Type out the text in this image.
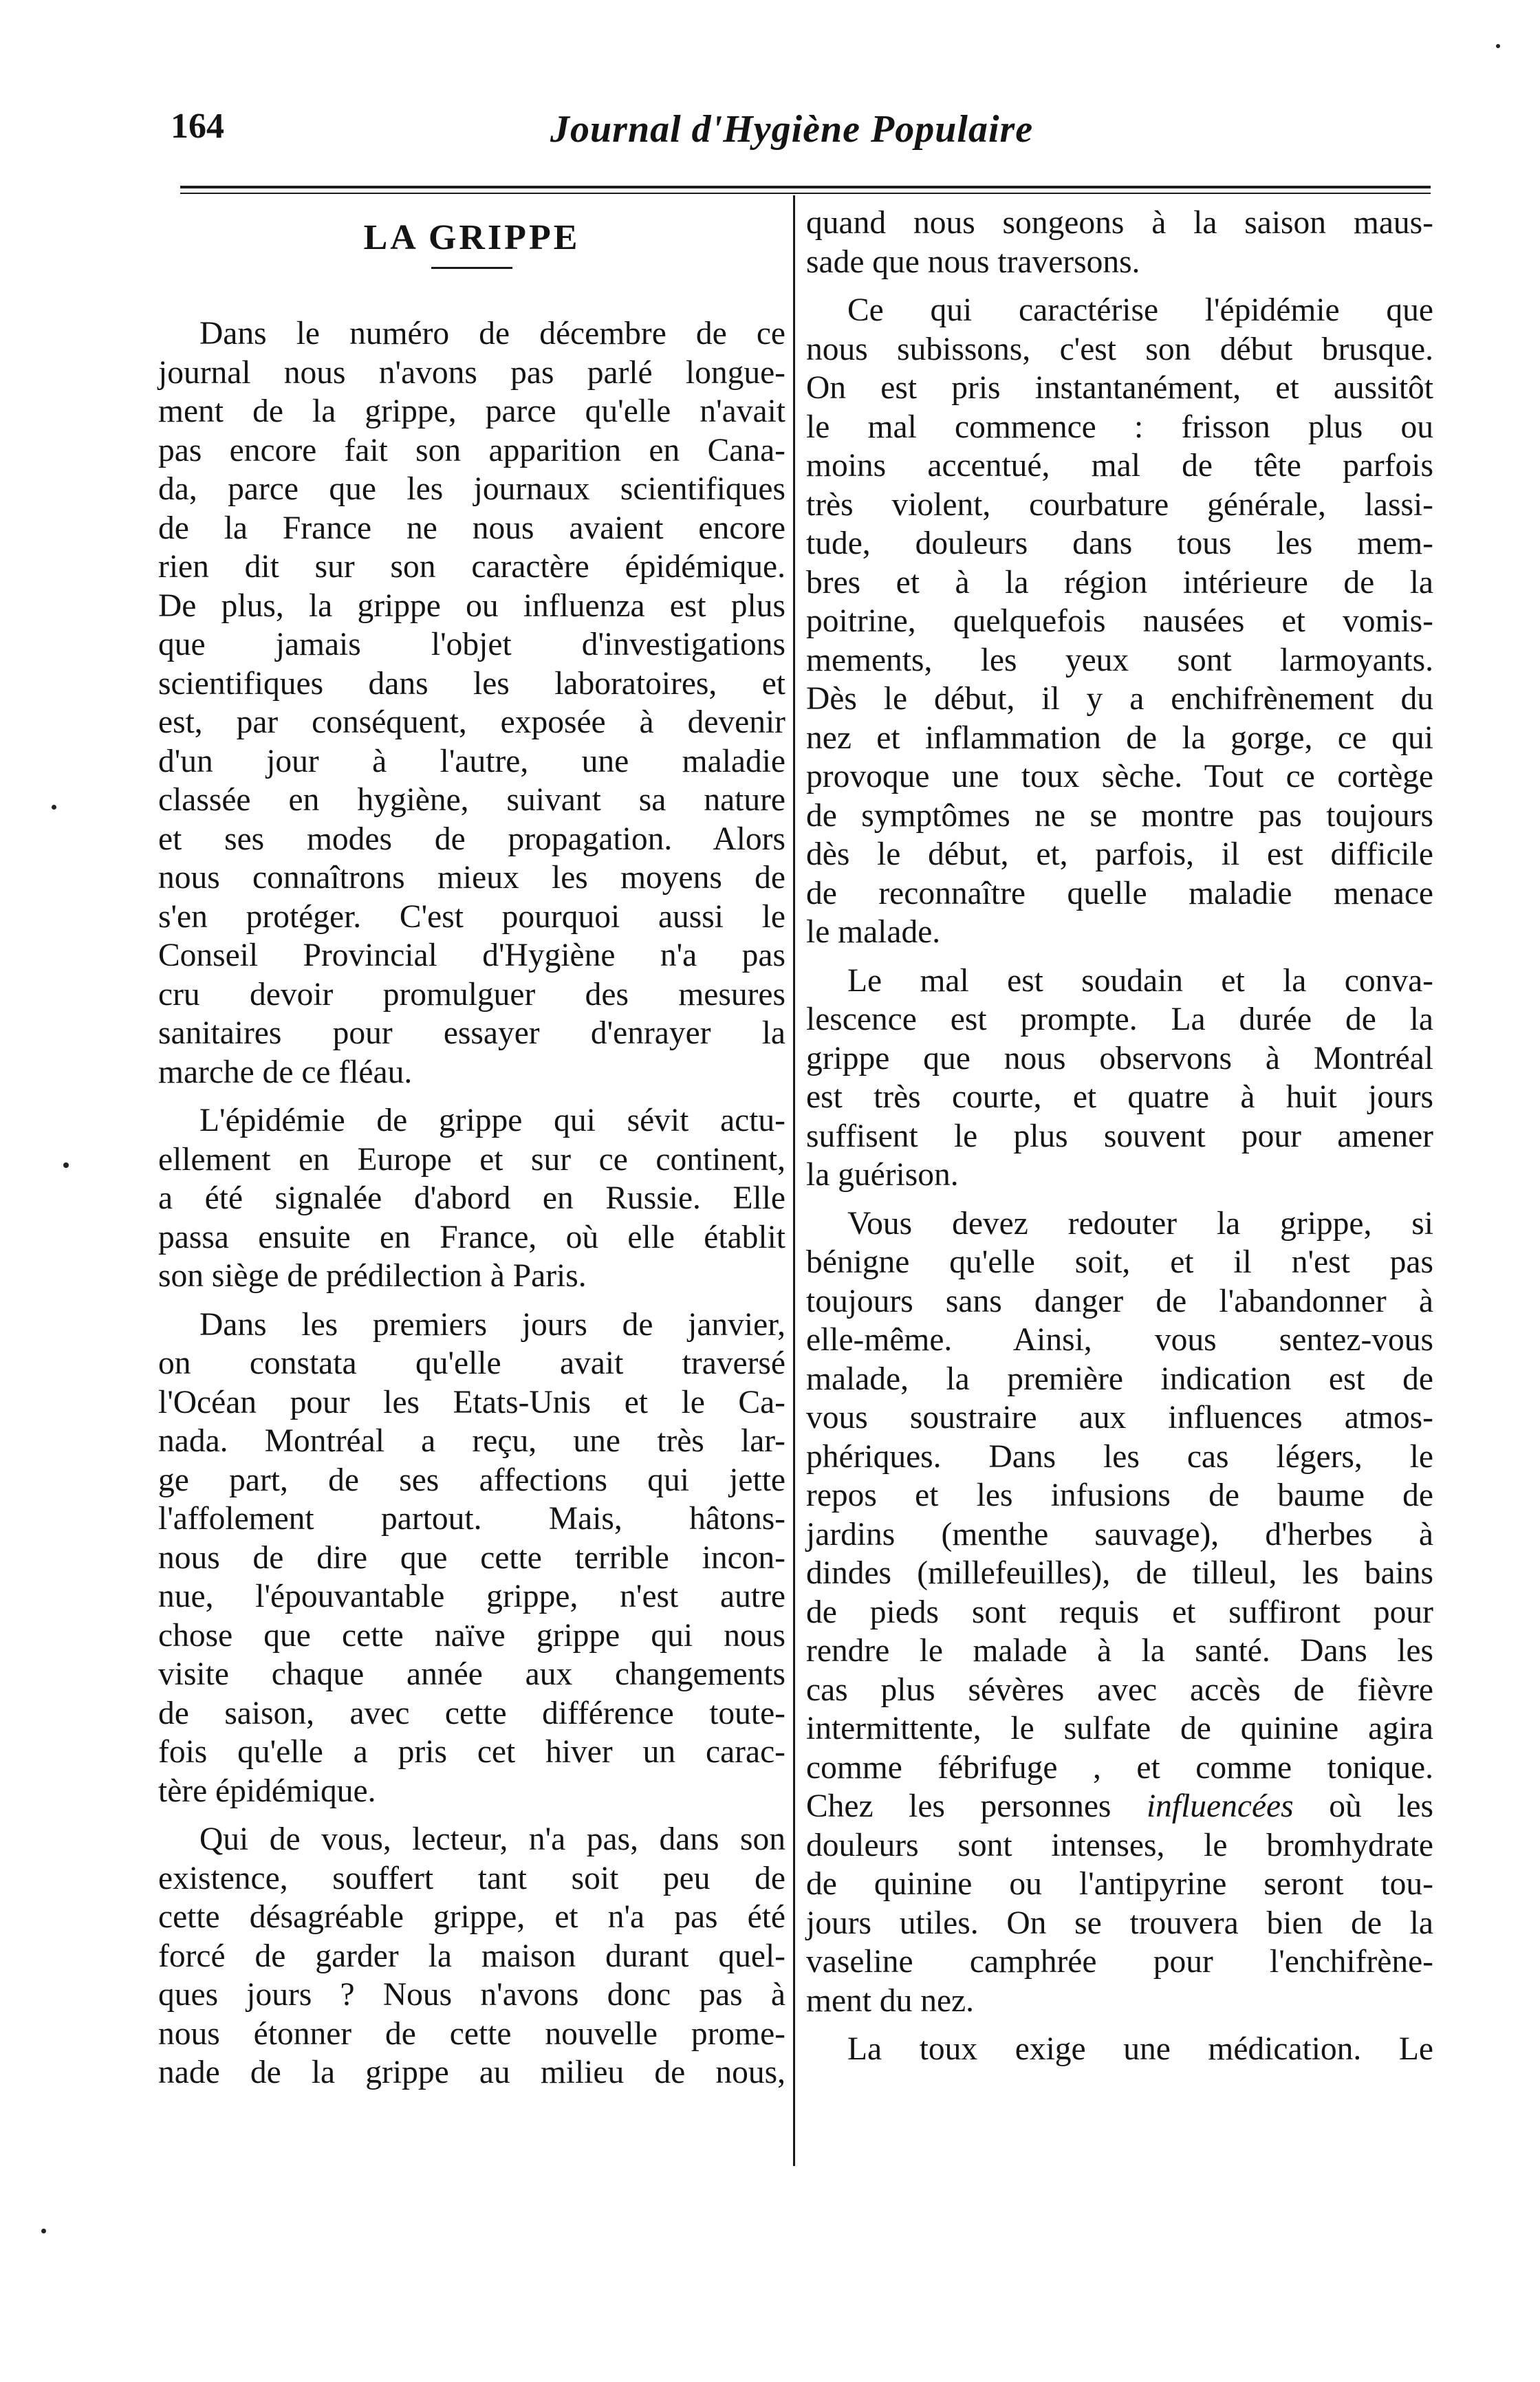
164	Journal d'Hygiène Populaire
LA GRIPPE
Dans le numéro de décembre de ce
journal nous n'avons pas parlé longue-
ment de la grippe, parce qu'elle n'avait
pas encore fait son apparition en Cana-
da, parce que les journaux scientifiques
de la France ne nous avaient encore
rien dit sur son caractère épidémique.
De plus, la grippe ou influenza est plus
que jamais l'objet d'investigations
scientifiques dans les laboratoires, et
est, par conséquent, exposée à devenir
d'un jour à l'autre, une maladie
classée en hygiène, suivant sa nature
et ses modes de propagation. Alors
nous connaîtrons mieux les moyens de
s'en protéger. C'est pourquoi aussi le
Conseil Provincial d'Hygiène n'a pas
cru devoir promulguer des mesures
sanitaires pour essayer d'enrayer la
marche de ce fléau.
L'épidémie de grippe qui sévit actu-
ellement en Europe et sur ce continent,
a été signalée d'abord en Russie. Elle
passa ensuite en France, où elle établit
son siège de prédilection à Paris.
Dans les premiers jours de janvier,
on constata qu'elle avait traversé
l'Océan pour les Etats-Unis et le Ca-
nada. Montréal a reçu, une très lar-
ge part, de ses affections qui jette
l'affolement partout. Mais, hâtons-
nous de dire que cette terrible incon-
nue, l'épouvantable grippe, n'est autre
chose que cette naïve grippe qui nous
visite chaque année aux changements
de saison, avec cette différence toute-
fois qu'elle a pris cet hiver un carac-
tère épidémique.
Qui de vous, lecteur, n'a pas, dans son
existence, souffert tant soit peu de
cette désagréable grippe, et n'a pas été
forcé de garder la maison durant quel-
ques jours ? Nous n'avons donc pas à
nous étonner de cette nouvelle prome-
nade de la grippe au milieu de nous,
quand nous songeons à la saison maus-
sade que nous traversons.
Ce qui caractérise l'épidémie que
nous subissons, c'est son début brusque.
On est pris instantanément, et aussitôt
le mal commence : frisson plus ou
moins accentué, mal de tête parfois
très violent, courbature générale, lassi-
tude, douleurs dans tous les mem-
bres et à la région intérieure de la
poitrine, quelquefois nausées et vomis-
mements, les yeux sont larmoyants.
Dès le début, il y a enchifrènement du
nez et inflammation de la gorge, ce qui
provoque une toux sèche. Tout ce cortège
de symptômes ne se montre pas toujours
dès le début, et, parfois, il est difficile
de reconnaître quelle maladie menace
le malade.
Le mal est soudain et la conva-
lescence est prompte. La durée de la
grippe que nous observons à Montréal
est très courte, et quatre à huit jours
suffisent le plus souvent pour amener
la guérison.
Vous devez redouter la grippe, si
bénigne qu'elle soit, et il n'est pas
toujours sans danger de l'abandonner à
elle-même. Ainsi, vous sentez-vous
malade, la première indication est de
vous soustraire aux influences atmos-
phériques. Dans les cas légers, le
repos et les infusions de baume de
jardins (menthe sauvage), d'herbes à
dindes (millefeuilles), de tilleul, les bains
de pieds sont requis et suffiront pour
rendre le malade à la santé. Dans les
cas plus sévères avec accès de fièvre
intermittente, le sulfate de quinine agira
comme fébrifuge , et comme tonique.
Chez les personnes influencées où les
douleurs sont intenses, le bromhydrate
de quinine ou l'antipyrine seront tou-
jours utiles. On se trouvera bien de la
vaseline camphrée pour l'enchifrène-
ment du nez.
La toux exige une médication. Le
